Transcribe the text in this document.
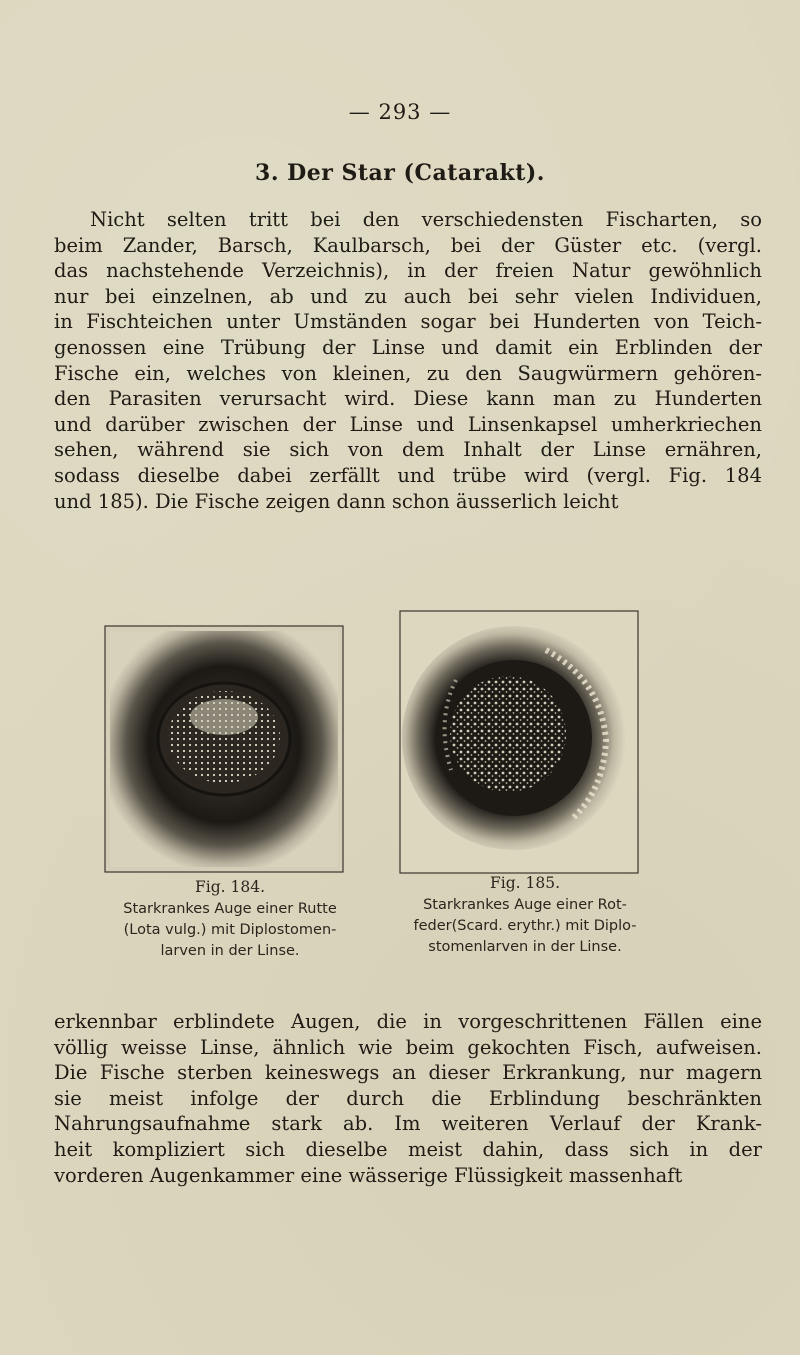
— 293 —
3. Der Star (Catarakt).
Nicht selten tritt bei den verschiedensten Fischarten, so
beim Zander, Barsch, Kaulbarsch, bei der Güster etc. (vergl.
das nachstehende Verzeichnis), in der freien Natur gewöhnlich
nur bei einzelnen, ab und zu auch bei sehr vielen Individuen,
in Fischteichen unter Umständen sogar bei Hunderten von Teich-
genossen eine Trübung der Linse und damit ein Erblinden der
Fische ein, welches von kleinen, zu den Saugwürmern gehören-
den Parasiten verursacht wird. Diese kann man zu Hunderten
und darüber zwischen der Linse und Linsenkapsel umherkriechen
sehen, während sie sich von dem Inhalt der Linse ernähren,
sodass dieselbe dabei zerfällt und trübe wird (vergl. Fig. 184
und 185). Die Fische zeigen dann schon äusserlich leicht
Fig. 184.
Starkrankes Auge einer Rutte
(Lota vulg.) mit Diplostomen-
larven in der Linse.
Fig. 185.
Starkrankes Auge einer Rot-
feder(Scard. erythr.) mit Diplo-
stomenlarven in der Linse.
erkennbar erblindete Augen, die in vorgeschrittenen Fällen eine
völlig weisse Linse, ähnlich wie beim gekochten Fisch, aufweisen.
Die Fische sterben keineswegs an dieser Erkrankung, nur magern
sie meist infolge der durch die Erblindung beschränkten
Nahrungsaufnahme stark ab. Im weiteren Verlauf der Krank-
heit kompliziert sich dieselbe meist dahin, dass sich in der
vorderen Augenkammer eine wässerige Flüssigkeit massenhaft
